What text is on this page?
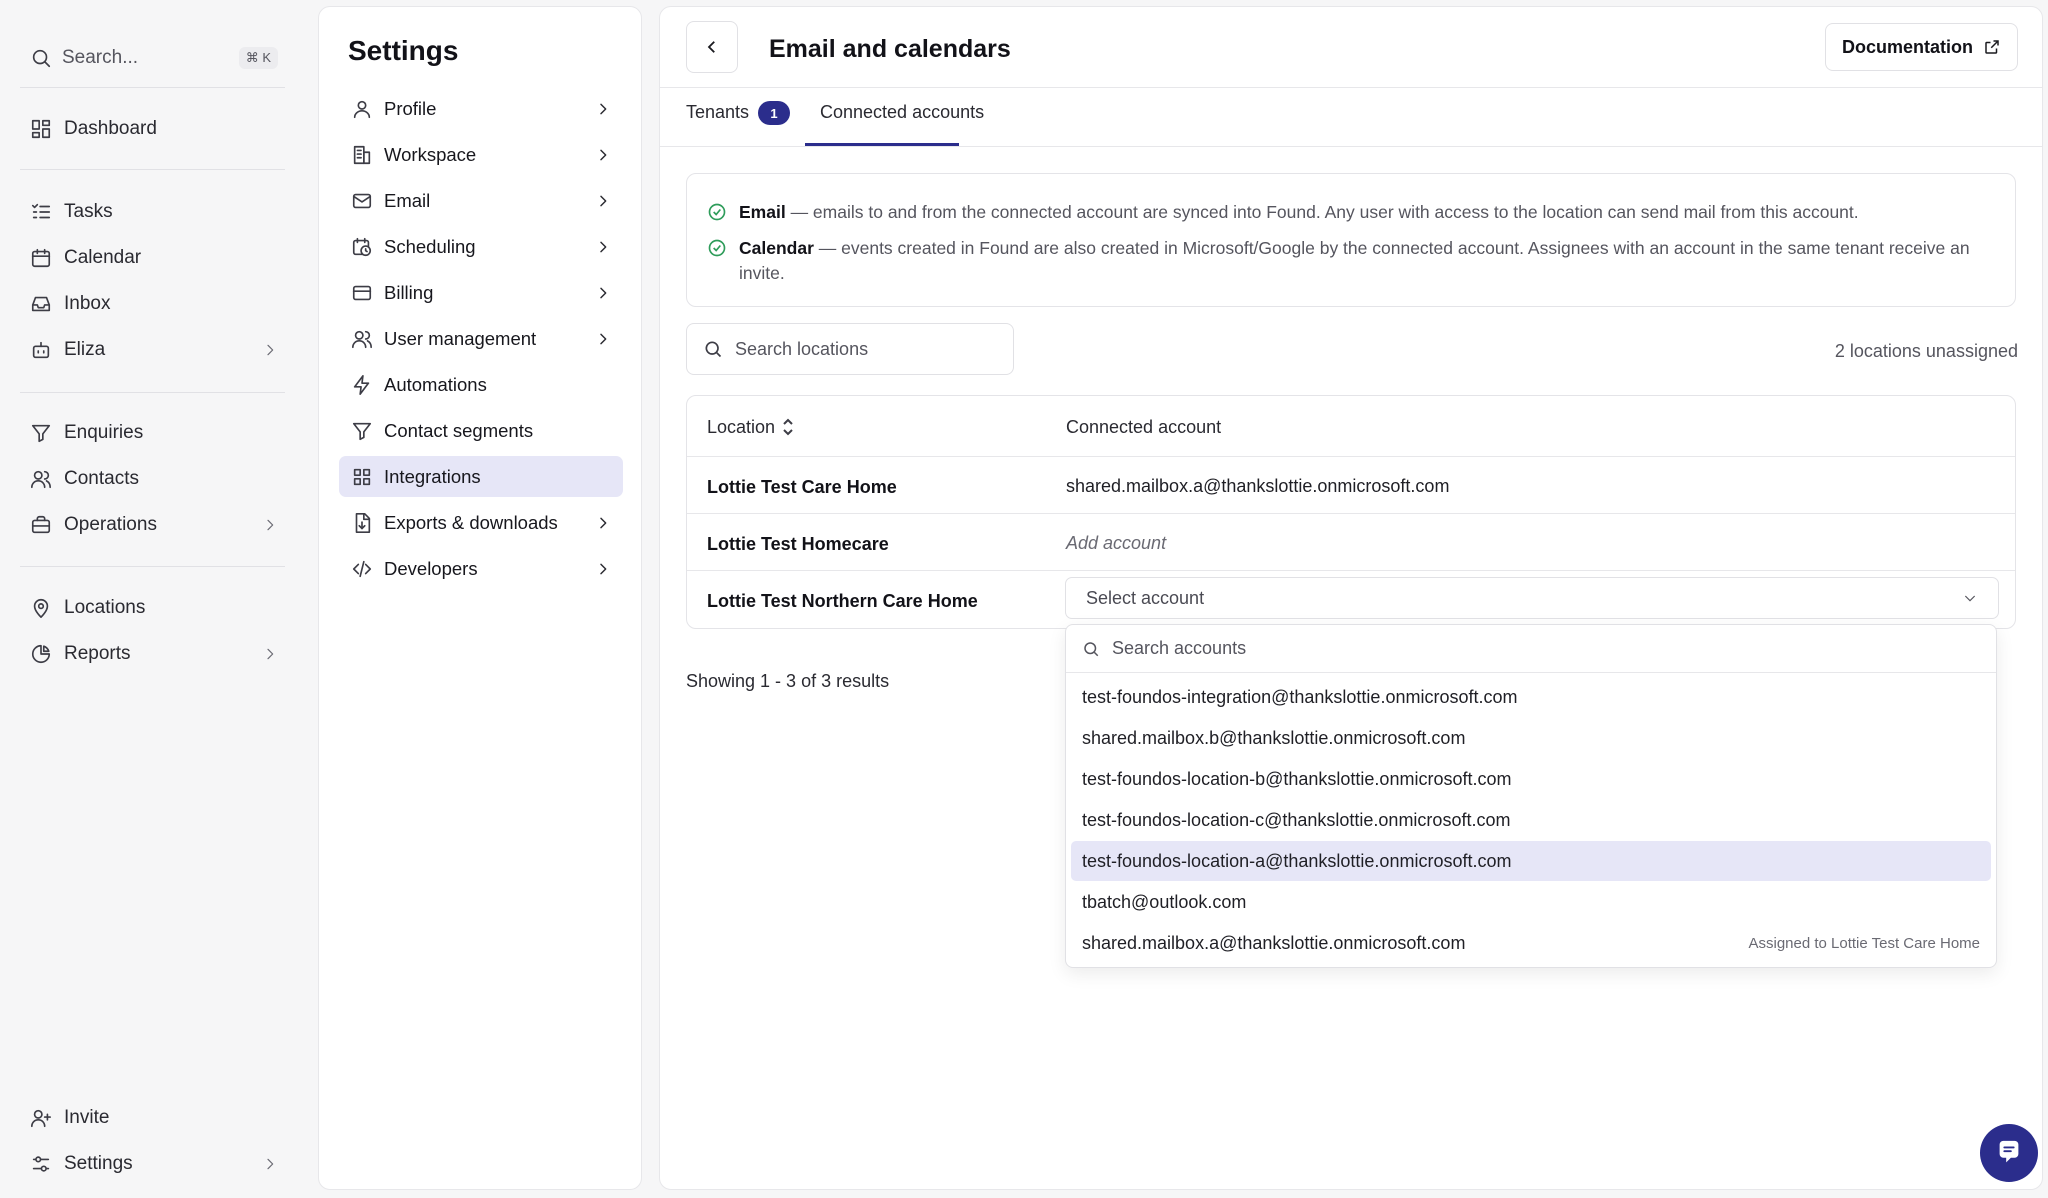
Search...	⌘ K
Dashboard
Tasks
Calendar
Inbox
Eliza
Enquiries
Contacts
Operations
Locations
Reports
Invite
Settings
Settings
Profile
Workspace
Email
Scheduling
Billing
User management
Automations
Contact segments
Integrations
Exports & downloads
Developers
Email and calendars	Documentation
Tenants	1	Connected accounts
Email — emails to and from the connected account are synced into Found. Any user with access to the location can send mail from this account.
Calendar — events created in Found are also created in Microsoft/Google by the connected account. Assignees with an account in the same tenant receive an invite.
Search locations	2 locations unassigned
Location	Connected account
Lottie Test Care Home	shared.mailbox.a@thankslottie.onmicrosoft.com
Lottie Test Homecare	Add account
Lottie Test Northern Care Home	Select account
Showing 1 - 3 of 3 results
Search accounts
test-foundos-integration@thankslottie.onmicrosoft.com
shared.mailbox.b@thankslottie.onmicrosoft.com
test-foundos-location-b@thankslottie.onmicrosoft.com
test-foundos-location-c@thankslottie.onmicrosoft.com
test-foundos-location-a@thankslottie.onmicrosoft.com
tbatch@outlook.com
shared.mailbox.a@thankslottie.onmicrosoft.com	Assigned to Lottie Test Care Home
